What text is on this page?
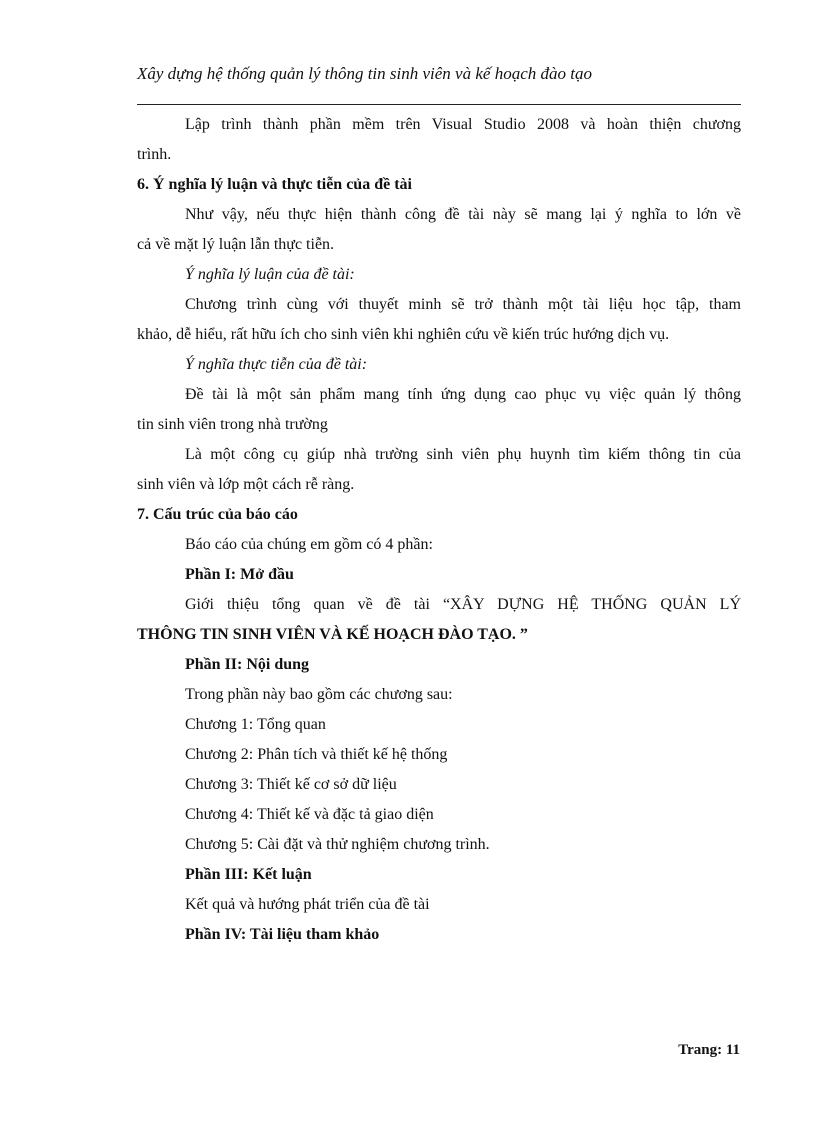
Xây dựng hệ thống quản lý thông tin sinh viên và kế hoạch đào tạo
Lập trình thành phần mềm trên Visual Studio 2008 và hoàn thiện chương
trình.
6. Ý nghĩa lý luận và thực tiễn của đề tài
Như vậy, nếu thực hiện thành công đề tài này sẽ mang lại ý nghĩa to lớn về
cả về mặt lý luận lẫn thực tiễn.
Ý nghĩa lý luận của đề tài:
Chương trình cùng với thuyết minh sẽ trở thành một tài liệu học tập, tham
khảo, dễ hiểu, rất hữu ích cho sinh viên khi nghiên cứu về kiến trúc hướng dịch vụ.
Ý nghĩa thực tiễn của đề tài:
Đề tài là một sản phẩm mang tính ứng dụng cao phục vụ việc quản lý thông
tin sinh viên trong nhà trường
Là một công cụ giúp nhà trường sinh viên phụ huynh tìm kiếm thông tin của
sinh viên và lớp một cách rễ ràng.
7. Cấu trúc của báo cáo
Báo cáo của chúng em gồm có 4 phần:
Phần I: Mở đầu
Giới thiệu tổng quan về đề tài “XÂY DỰNG HỆ THỐNG QUẢN LÝ
THÔNG TIN SINH VIÊN VÀ KẾ HOẠCH ĐÀO TẠO. ”
Phần II: Nội dung
Trong phần này bao gồm các chương sau:
Chương 1: Tổng quan
Chương 2: Phân tích và thiết kế hệ thống
Chương 3: Thiết kế cơ sở dữ liệu
Chương 4: Thiết kế và đặc tả giao diện
Chương 5: Cài đặt và thử nghiệm chương trình.
Phần III: Kết luận
Kết quả và hướng phát triển của đề tài
Phần IV: Tài liệu tham khảo
Trang: 11
